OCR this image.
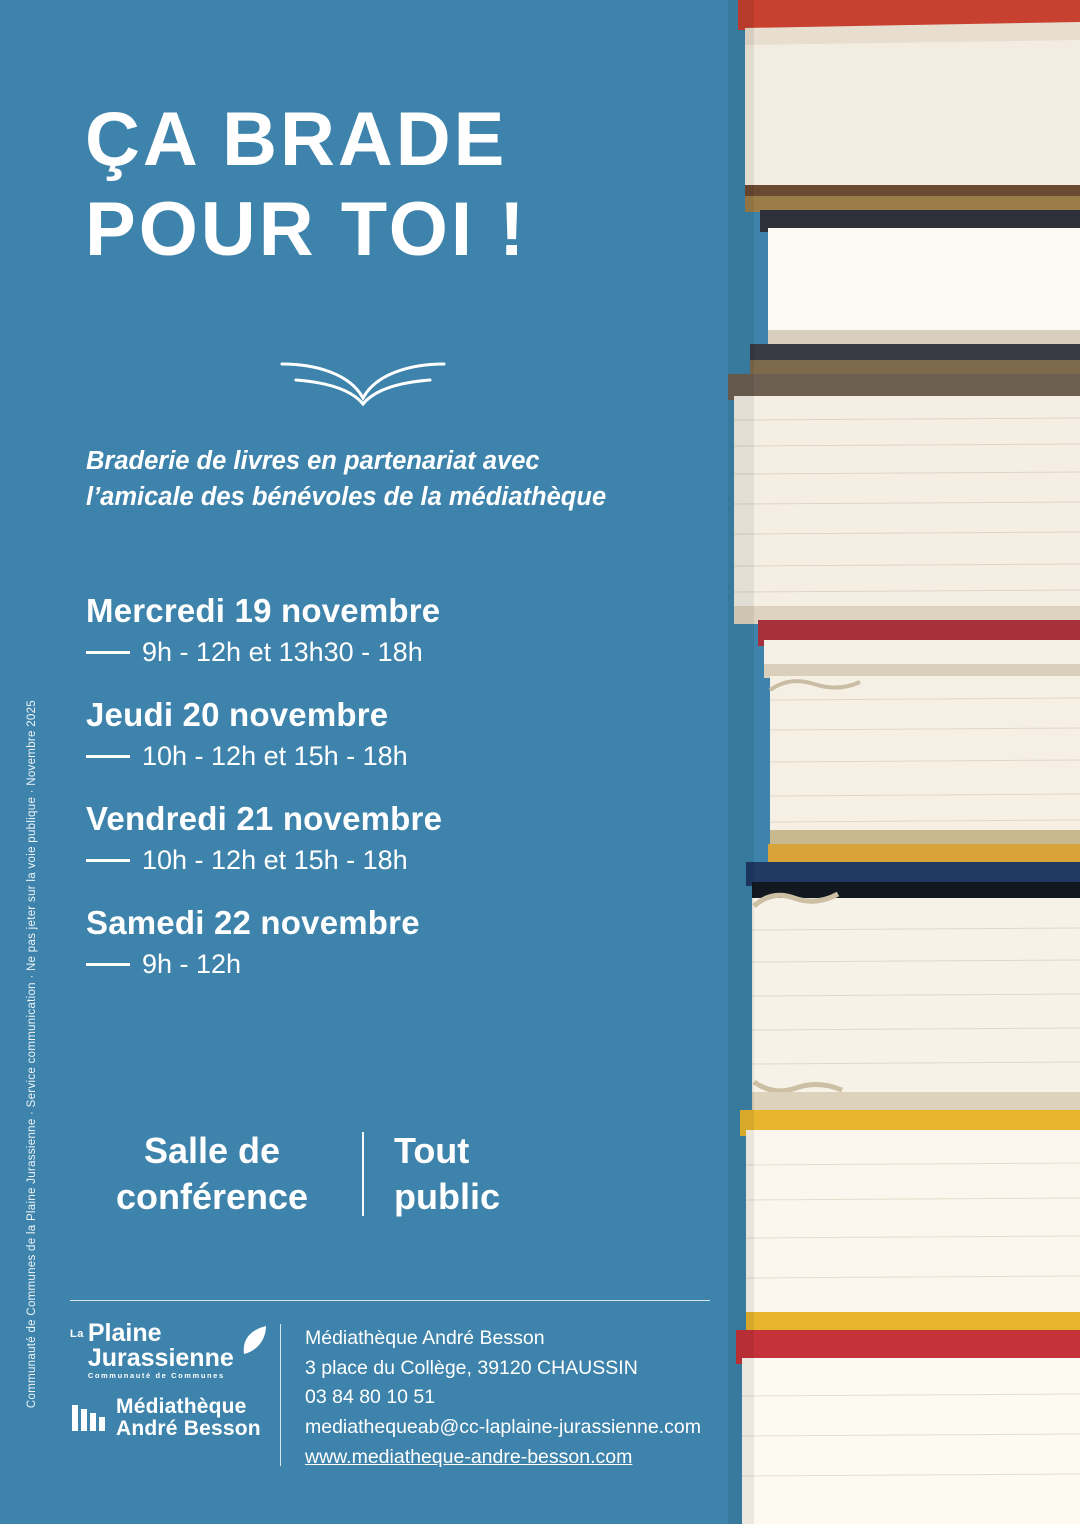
Communauté de Communes de la Plaine Jurassienne · Service communication · Ne pas jeter sur la voie publique · Novembre 2025
ÇA BRADE
POUR TOI !
Braderie de livres en partenariat avec l’amicale des bénévoles de la médiathèque
Mercredi 19 novembre
9h - 12h et 13h30 - 18h
Jeudi 20 novembre
10h - 12h et 15h - 18h
Vendredi 21 novembre
10h - 12h et 15h - 18h
Samedi 22 novembre
9h - 12h
Salle de
conférence
Tout
public
La Plaine
Jurassienne
Communauté de Communes
Médiathèque
André Besson
Médiathèque André Besson
3 place du Collège, 39120 CHAUSSIN
03 84 80 10 51
mediathequeab@cc-laplaine-jurassienne.com
www.mediatheque-andre-besson.com
